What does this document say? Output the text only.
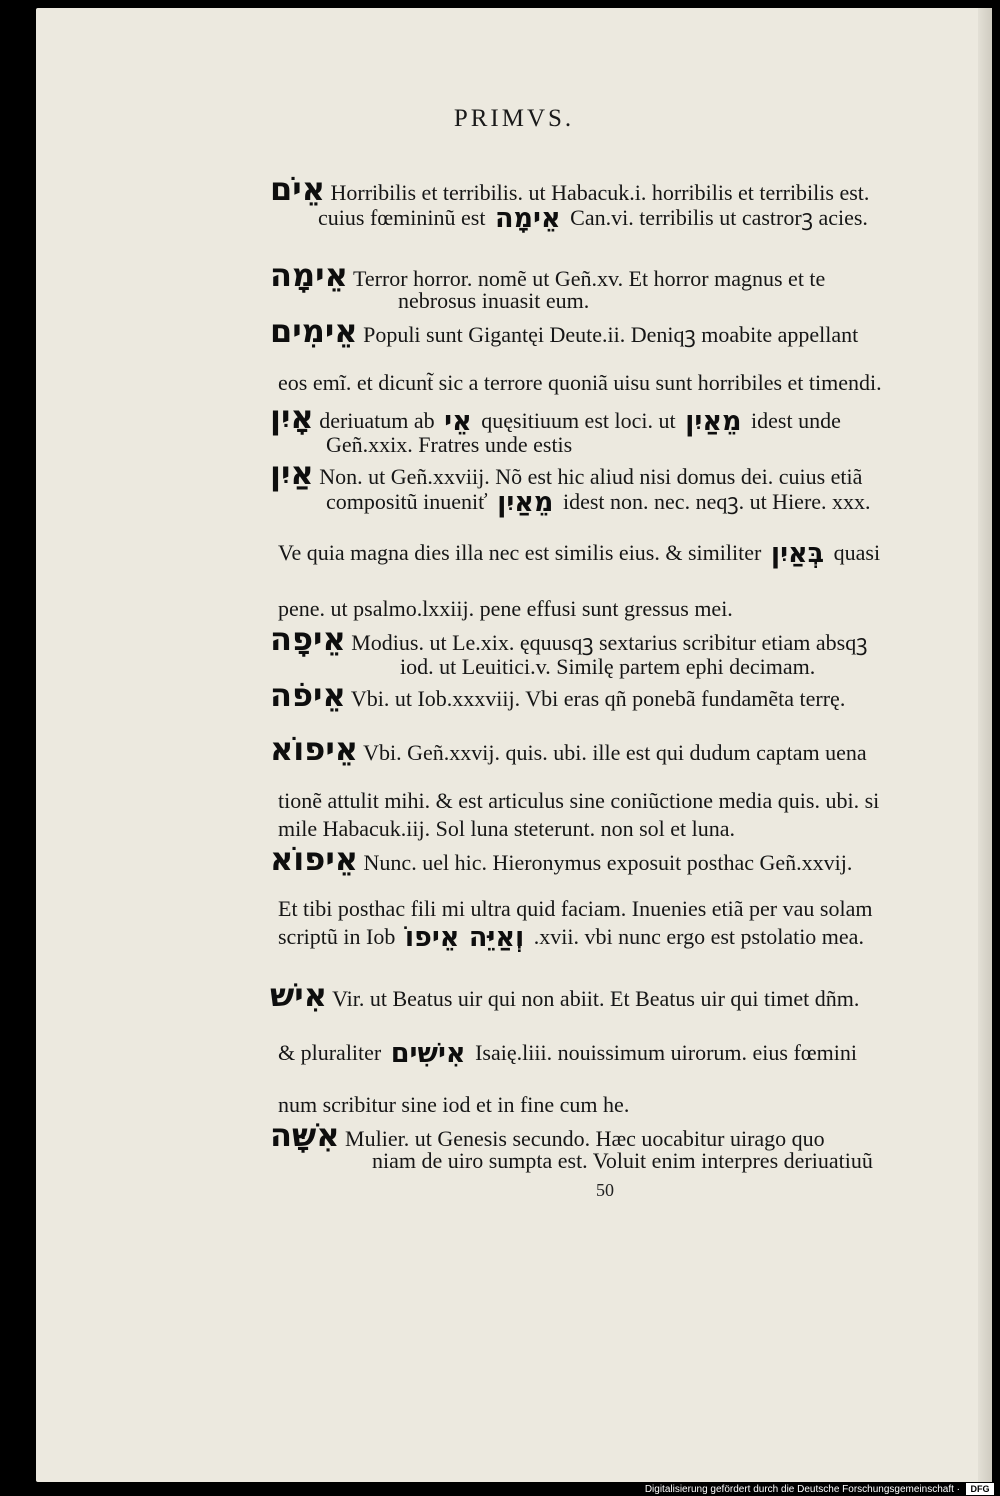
PRIMVS.
אֵיֹם Horribilis et terribilis. ut Habacuk.i. horribilis et terribilis est.
cuius fœmininũ est אֵימָה Can.vi. terribilis ut castrorꝫ acies.
אֵימָה Terror horror. nomẽ ut Geñ.xv. Et horror magnus et te
nebrosus inuasit eum.
אֵימִים Populi sunt Gigantęi Deute.ii. Deniqꝫ moabite appellant
eos emĩ. et dicunt̃ sic a terrore quoniã uisu sunt horribiles et timendi.
אָיִן deriuatum ab אֵי quęsitiuum est loci. ut מֵאַיִן idest unde
Geñ.xxix. Fratres unde estis
אַיִן Non. ut Geñ.xxviij. Nõ est hic aliud nisi domus dei. cuius etiã
compositũ inueniť מֵאַיִן idest non. nec. neqꝫ. ut Hiere. xxx.
Ve quia magna dies illa nec est similis eius. & similiter בְּאַיִן quasi
pene. ut psalmo.lxxiij. pene effusi sunt gressus mei.
אֵיפָה Modius. ut Le.xix. ęquusqꝫ sextarius scribitur etiam absqꝫ
iod. ut Leuitici.v. Similę partem ephi decimam.
אֵיפֹה Vbi. ut Iob.xxxviij. Vbi eras qñ ponebã fundamẽta terrę.
אֵיפוֹא Vbi. Geñ.xxvij. quis. ubi. ille est qui dudum captam uena
tionẽ attulit mihi. & est articulus sine coniũctione media quis. ubi. si
mile Habacuk.iij. Sol luna steterunt. non sol et luna.
אֵיפוֹא Nunc. uel hic. Hieronymus exposuit posthac Geñ.xxvij.
Et tibi posthac fili mi ultra quid faciam. Inuenies etiã per vau solam
scriptũ in Iob וְאַיֵּה אֵיפוֹ .xvii. vbi nunc ergo est pstolatio mea.
אִישׁ Vir. ut Beatus uir qui non abiit. Et Beatus uir qui timet dñm.
& pluraliter אִישִׁים Isaię.liii. nouissimum uirorum. eius fœmini
num scribitur sine iod et in fine cum he.
אִשָּׁה Mulier. ut Genesis secundo. Hæc uocabitur uirago quo
niam de uiro sumpta est. Voluit enim interpres deriuatiuũ
50
Digitalisierung gefördert durch die Deutsche Forschungsgemeinschaft ·	DFG
